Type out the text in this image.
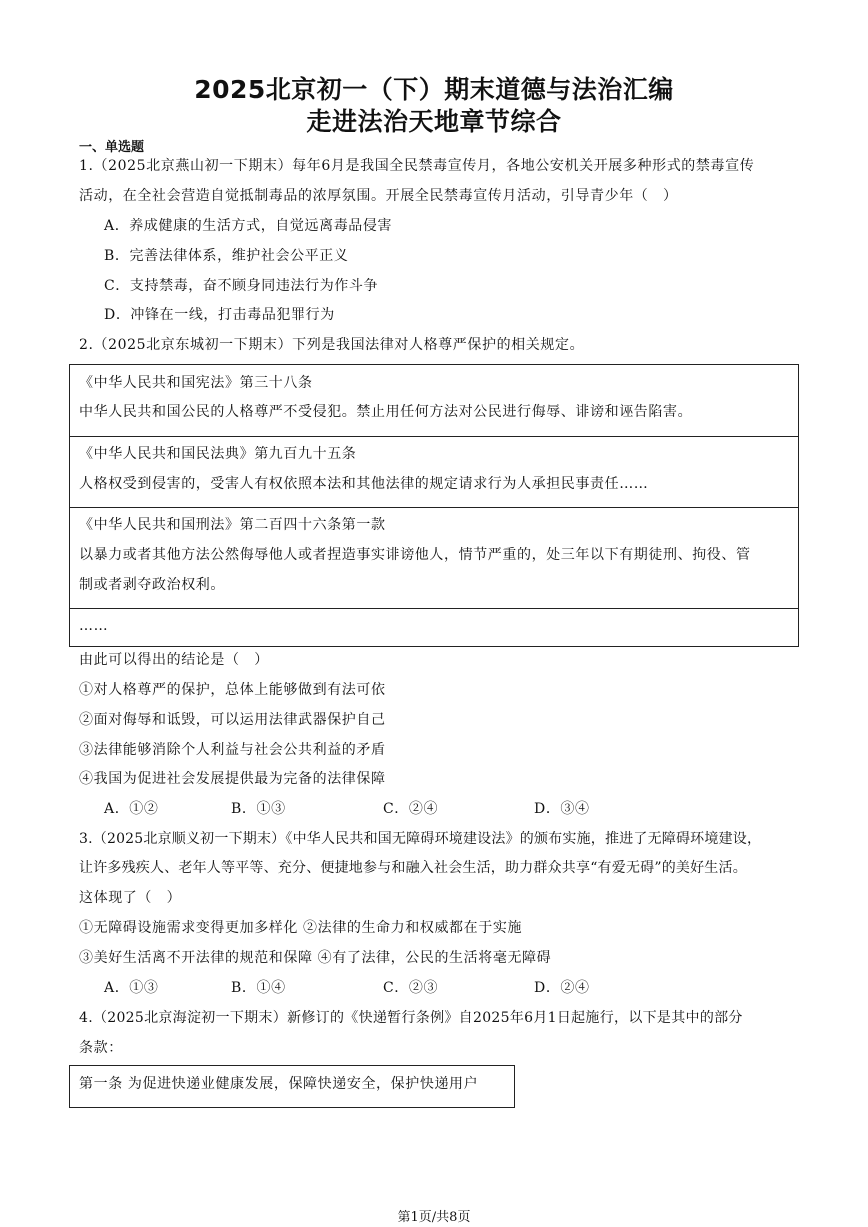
2025北京初一（下）期末道德与法治汇编
走进法治天地章节综合
一、单选题
1.（2025北京燕山初一下期末）每年6月是我国全民禁毒宣传月，各地公安机关开展多种形式的禁毒宣传
活动，在全社会营造自觉抵制毒品的浓厚氛围。开展全民禁毒宣传月活动，引导青少年（　）
A．养成健康的生活方式，自觉远离毒品侵害
B．完善法律体系，维护社会公平正义
C．支持禁毒，奋不顾身同违法行为作斗争
D．冲锋在一线，打击毒品犯罪行为
2.（2025北京东城初一下期末）下列是我国法律对人格尊严保护的相关规定。
《中华人民共和国宪法》第三十八条
中华人民共和国公民的人格尊严不受侵犯。禁止用任何方法对公民进行侮辱、诽谤和诬告陷害。
《中华人民共和国民法典》第九百九十五条
人格权受到侵害的，受害人有权依照本法和其他法律的规定请求行为人承担民事责任……
《中华人民共和国刑法》第二百四十六条第一款
以暴力或者其他方法公然侮辱他人或者捏造事实诽谤他人，情节严重的，处三年以下有期徒刑、拘役、管
制或者剥夺政治权利。
……
由此可以得出的结论是（　）
①对人格尊严的保护，总体上能够做到有法可依
②面对侮辱和诋毁，可以运用法律武器保护自己
③法律能够消除个人利益与社会公共利益的矛盾
④我国为促进社会发展提供最为完备的法律保障
A．①②	B．①③	C．②④	D．③④
3.（2025北京顺义初一下期末）《中华人民共和国无障碍环境建设法》的颁布实施，推进了无障碍环境建设，
让许多残疾人、老年人等平等、充分、便捷地参与和融入社会生活，助力群众共享“有爱无碍”的美好生活。
这体现了（　）
①无障碍设施需求变得更加多样化 ②法律的生命力和权威都在于实施
③美好生活离不开法律的规范和保障 ④有了法律，公民的生活将毫无障碍
A．①③	B．①④	C．②③	D．②④
4.（2025北京海淀初一下期末）新修订的《快递暂行条例》自2025年6月1日起施行，以下是其中的部分
条款：
第一条 为促进快递业健康发展，保障快递安全，保护快递用户
第1页/共8页
